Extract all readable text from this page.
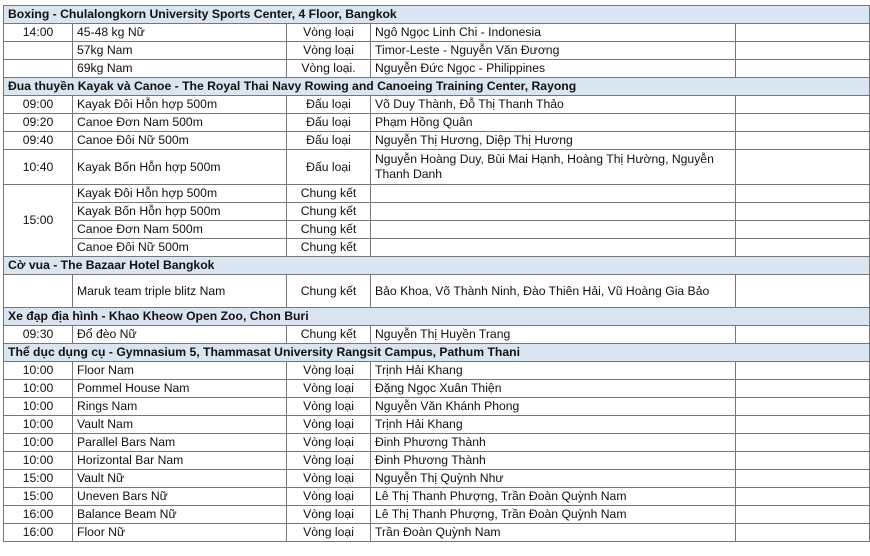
Boxing - Chulalongkorn University Sports Center, 4 Floor, Bangkok				
14:00	45-48 kg Nữ	Vòng loại	Ngô Ngọc Linh Chi - Indonesia	
	57kg Nam	Vòng loại	Timor-Leste - Nguyễn Văn Đương	
	69kg Nam	Vòng loại.	Nguyễn Đức Ngọc - Philippines	
Đua thuyền Kayak và Canoe - The Royal Thai Navy Rowing and Canoeing Training Center, Rayong				
09:00	Kayak Đôi Hỗn hợp 500m	Đấu loại	Võ Duy Thành, Đỗ Thị Thanh Thảo	
09:20	Canoe Đơn Nam 500m	Đấu loại	Phạm Hồng Quân	
09:40	Canoe Đôi Nữ 500m	Đấu loại	Nguyễn Thị Hương, Diệp Thị Hương	
10:40	Kayak Bốn Hỗn hợp 500m	Đấu loại	Nguyễn Hoàng Duy, Bùi Mai Hạnh, Hoàng Thị Hường, Nguyễn Thanh Danh	
15:00	Kayak Đôi Hỗn hợp 500m	Chung kết		
	Kayak Bốn Hỗn hợp 500m	Chung kết		
	Canoe Đơn Nam 500m	Chung kết		
	Canoe Đôi Nữ 500m	Chung kết		
Cờ vua - The Bazaar Hotel Bangkok				
	Maruk team triple blitz Nam	Chung kết	Bảo Khoa, Võ Thành Ninh, Đào Thiên Hải, Vũ Hoàng Gia Bảo	
Xe đạp địa hình - Khao Kheow Open Zoo, Chon Buri				
09:30	Đổ đèo Nữ	Chung kết	Nguyễn Thị Huyền Trang	
Thể dục dụng cụ - Gymnasium 5, Thammasat University Rangsit Campus, Pathum Thani				
10:00	Floor Nam	Vòng loại	Trịnh Hải Khang	
10:00	Pommel House Nam	Vòng loại	Đặng Ngọc Xuân Thiện	
10:00	Rings Nam	Vòng loại	Nguyễn Văn Khánh Phong	
10:00	Vault Nam	Vòng loại	Trịnh Hải Khang	
10:00	Parallel Bars Nam	Vòng loại	Đinh Phương Thành	
10:00	Horizontal Bar Nam	Vòng loại	Đinh Phương Thành	
15:00	Vault Nữ	Vòng loại	Nguyễn Thị Quỳnh Như	
15:00	Uneven Bars Nữ	Vòng loại	Lê Thị Thanh Phượng, Trần Đoàn Quỳnh Nam	
16:00	Balance Beam Nữ	Vòng loại	Lê Thị Thanh Phượng, Trần Đoàn Quỳnh Nam	
16:00	Floor Nữ	Vòng loại	Trần Đoàn Quỳnh Nam	
